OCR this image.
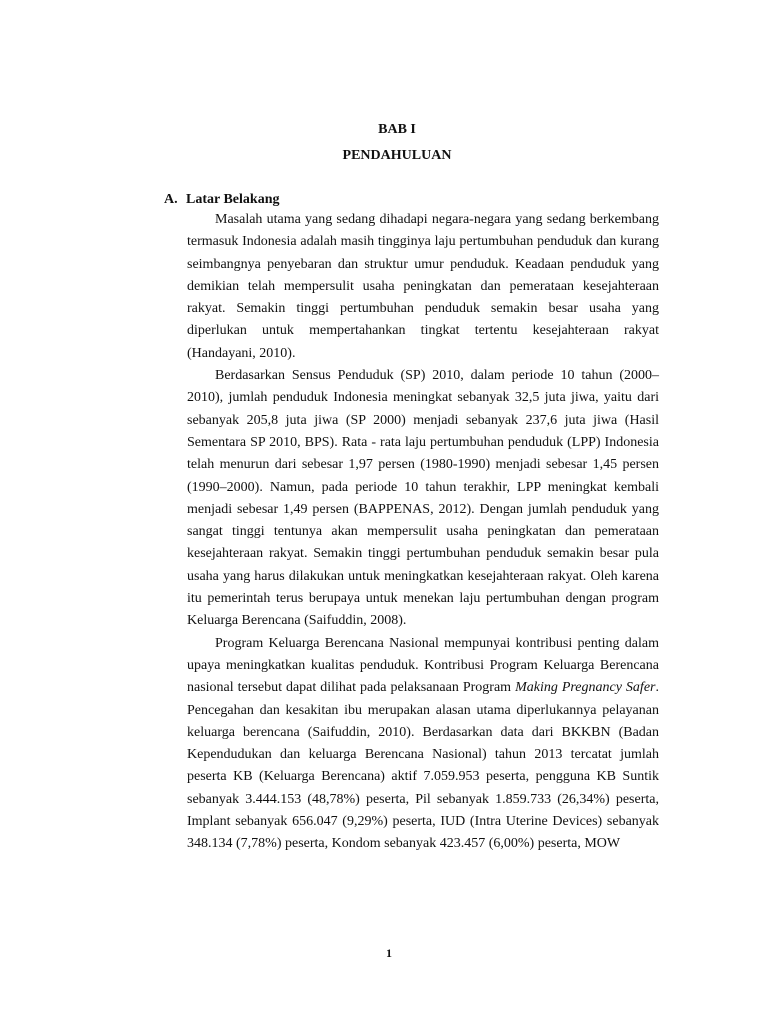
BAB I
PENDAHULUAN
A. Latar Belakang

Masalah utama yang sedang dihadapi negara-negara yang sedang berkembang termasuk Indonesia adalah masih tingginya laju pertumbuhan penduduk dan kurang seimbangnya penyebaran dan struktur umur penduduk. Keadaan penduduk yang demikian telah mempersulit usaha peningkatan dan pemerataan kesejahteraan rakyat. Semakin tinggi pertumbuhan penduduk semakin besar usaha yang diperlukan untuk mempertahankan tingkat tertentu kesejahteraan rakyat (Handayani, 2010).

Berdasarkan Sensus Penduduk (SP) 2010, dalam periode 10 tahun (2000–2010), jumlah penduduk Indonesia meningkat sebanyak 32,5 juta jiwa, yaitu dari sebanyak 205,8 juta jiwa (SP 2000) menjadi sebanyak 237,6 juta jiwa (Hasil Sementara SP 2010, BPS). Rata - rata laju pertumbuhan penduduk (LPP) Indonesia telah menurun dari sebesar 1,97 persen (1980-1990) menjadi sebesar 1,45 persen (1990–2000). Namun, pada periode 10 tahun terakhir, LPP meningkat kembali menjadi sebesar 1,49 persen (BAPPENAS, 2012). Dengan jumlah penduduk yang sangat tinggi tentunya akan mempersulit usaha peningkatan dan pemerataan kesejahteraan rakyat. Semakin tinggi pertumbuhan penduduk semakin besar pula usaha yang harus dilakukan untuk meningkatkan kesejahteraan rakyat. Oleh karena itu pemerintah terus berupaya untuk menekan laju pertumbuhan dengan program Keluarga Berencana (Saifuddin, 2008).

Program Keluarga Berencana Nasional mempunyai kontribusi penting dalam upaya meningkatkan kualitas penduduk. Kontribusi Program Keluarga Berencana nasional tersebut dapat dilihat pada pelaksanaan Program Making Pregnancy Safer. Pencegahan dan kesakitan ibu merupakan alasan utama diperlukannya pelayanan keluarga berencana (Saifuddin, 2010). Berdasarkan data dari BKKBN (Badan Kependudukan dan keluarga Berencana Nasional) tahun 2013 tercatat jumlah peserta KB (Keluarga Berencana) aktif 7.059.953 peserta, pengguna KB Suntik sebanyak 3.444.153 (48,78%) peserta, Pil sebanyak 1.859.733 (26,34%) peserta, Implant sebanyak 656.047 (9,29%) peserta, IUD (Intra Uterine Devices) sebanyak 348.134 (7,78%) peserta, Kondom sebanyak 423.457 (6,00%) peserta, MOW

1
